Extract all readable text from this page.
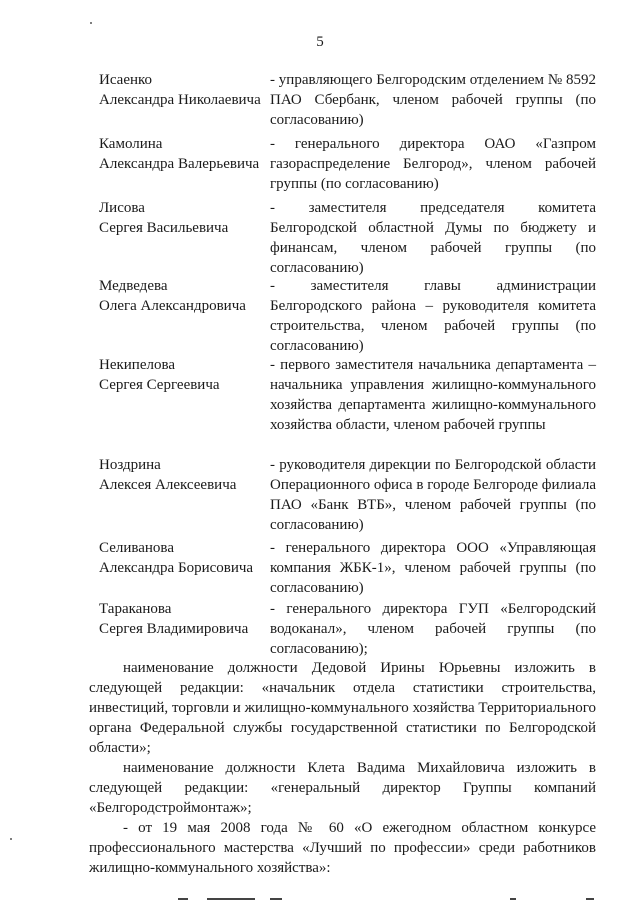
5
Исаенко
Александра Николаевича
- управляющего Белгородским отделением № 8592 ПАО Сбербанк, членом рабочей группы (по согласованию)
Камолина
Александра Валерьевича
- генерального директора ОАО «Газпром газораспределение Белгород», членом рабочей группы (по согласованию)
Лисова
Сергея Васильевича
- заместителя председателя комитета Белгородской областной Думы по бюджету и финансам, членом рабочей группы (по согласованию)
Медведева
Олега Александровича
- заместителя главы администрации Белгородского района – руководителя комитета строительства, членом рабочей группы (по согласованию)
Некипелова
Сергея Сергеевича
- первого заместителя начальника департамента – начальника управления жилищно-коммунального хозяйства департамента жилищно-коммунального хозяйства области, членом рабочей группы
Ноздрина
Алексея Алексеевича
- руководителя дирекции по Белгородской области Операционного офиса в городе Белгороде филиала ПАО «Банк ВТБ», членом рабочей группы (по согласованию)
Селиванова
Александра Борисовича
- генерального директора ООО «Управляющая компания ЖБК-1», членом рабочей группы (по согласованию)
Тараканова
Сергея Владимировича
- генерального директора ГУП «Белгородский водоканал», членом рабочей группы (по согласованию);
наименование должности Дедовой Ирины Юрьевны изложить в следующей редакции: «начальник отдела статистики строительства, инвестиций, торговли и жилищно-коммунального хозяйства Территориального органа Федеральной службы государственной статистики по Белгородской области»;
наименование должности Клета Вадима Михайловича изложить в следующей редакции: «генеральный директор Группы компаний «Белгородстроймонтаж»;
- от 19 мая 2008 года № 60 «О ежегодном областном конкурсе профессионального мастерства «Лучший по профессии» среди работников жилищно-коммунального хозяйства»:
